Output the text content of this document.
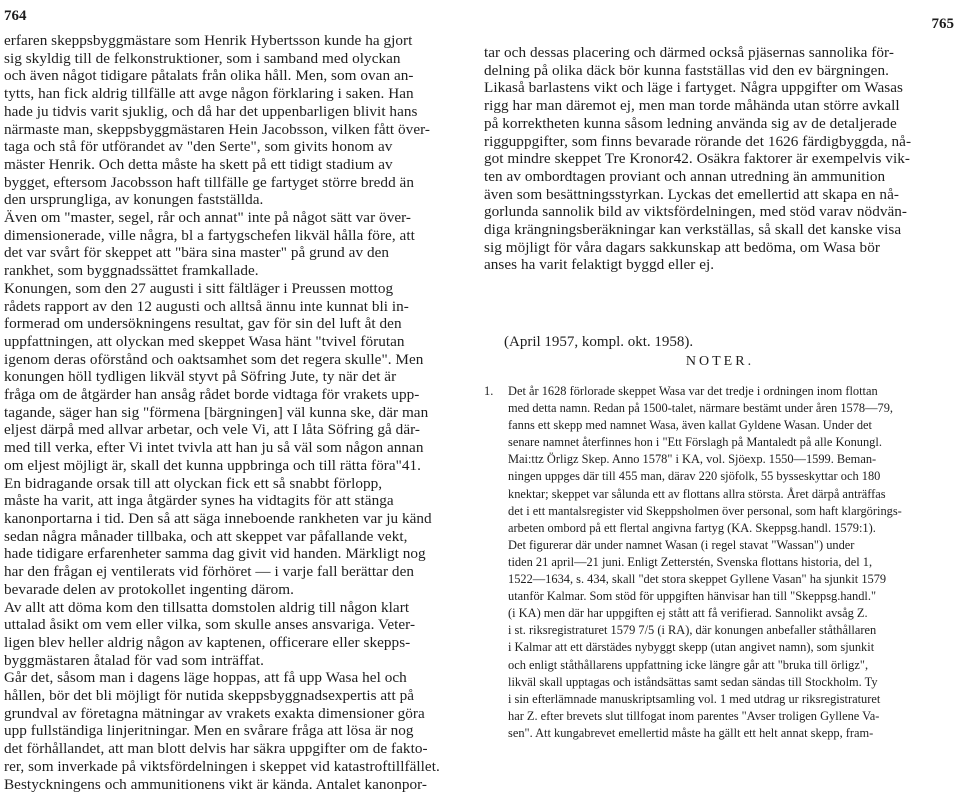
764
erfaren skeppsbyggmästare som Henrik Hybertsson kunde ha gjort
sig skyldig till de felkonstruktioner, som i samband med olyckan
och även något tidigare påtalats från olika håll. Men, som ovan an-
tytts, han fick aldrig tillfälle att avge någon förklaring i saken. Han
hade ju tidvis varit sjuklig, och då har det uppenbarligen blivit hans
närmaste man, skeppsbyggmästaren Hein Jacobsson, vilken fått över-
taga och stå för utförandet av "den Serte", som givits honom av
mäster Henrik. Och detta måste ha skett på ett tidigt stadium av
bygget, eftersom Jacobsson haft tillfälle ge fartyget större bredd än
den ursprungliga, av konungen fastställda.
Även om "master, segel, rår och annat" inte på något sätt var över-
dimensionerade, ville några, bl a fartygschefen likväl hålla före, att
det var svårt för skeppet att "bära sina master" på grund av den
rankhet, som byggnadssättet framkallade.
Konungen, som den 27 augusti i sitt fältläger i Preussen mottog
rådets rapport av den 12 augusti och alltså ännu inte kunnat bli in-
formerad om undersökningens resultat, gav för sin del luft åt den
uppfattningen, att olyckan med skeppet Wasa hänt "tvivel förutan
igenom deras oförstånd och oaktsamhet som det regera skulle". Men
konungen höll tydligen likväl styvt på Söfring Jute, ty när det är
fråga om de åtgärder han ansåg rådet borde vidtaga för vrakets upp-
tagande, säger han sig "förmena [bärgningen] väl kunna ske, där man
eljest därpå med allvar arbetar, och vele Vi, att I låta Söfring gå där-
med till verka, efter Vi intet tvivla att han ju så väl som någon annan
om eljest möjligt är, skall det kunna uppbringa och till rätta föra"41.
En bidragande orsak till att olyckan fick ett så snabbt förlopp,
måste ha varit, att inga åtgärder synes ha vidtagits för att stänga
kanonportarna i tid. Den så att säga inneboende rankheten var ju känd
sedan några månader tillbaka, och att skeppet var påfallande vekt,
hade tidigare erfarenheter samma dag givit vid handen. Märkligt nog
har den frågan ej ventilerats vid förhöret — i varje fall berättar den
bevarade delen av protokollet ingenting därom.
Av allt att döma kom den tillsatta domstolen aldrig till någon klart
uttalad åsikt om vem eller vilka, som skulle anses ansvariga. Veter-
ligen blev heller aldrig någon av kaptenen, officerare eller skepps-
byggmästaren åtalad för vad som inträffat.
Går det, såsom man i dagens läge hoppas, att få upp Wasa hel och
hållen, bör det bli möjligt för nutida skeppsbyggnadsexpertis att på
grundval av företagna mätningar av vrakets exakta dimensioner göra
upp fullständiga linjeritningar. Men en svårare fråga att lösa är nog
det förhållandet, att man blott delvis har säkra uppgifter om de fakto-
rer, som inverkade på viktsfördelningen i skeppet vid katastroftillfället.
Bestyckningens och ammunitionens vikt är kända. Antalet kanonpor-
765
tar och dessas placering och därmed också pjäsernas sannolika för-
delning på olika däck bör kunna fastställas vid den ev bärgningen.
Likaså barlastens vikt och läge i fartyget. Några uppgifter om Wasas
rigg har man däremot ej, men man torde måhända utan större avkall
på korrektheten kunna såsom ledning använda sig av de detaljerade
rigguppgifter, som finns bevarade rörande det 1626 färdigbyggda, nå-
got mindre skeppet Tre Kronor42. Osäkra faktorer är exempelvis vik-
ten av ombordtagen proviant och annan utredning än ammunition
även som besättningsstyrkan. Lyckas det emellertid att skapa en nå-
gorlunda sannolik bild av viktsfördelningen, med stöd varav nödvän-
diga krängningsberäkningar kan verkställas, så skall det kanske visa
sig möjligt för våra dagars sakkunskap att bedöma, om Wasa bör
anses ha varit felaktigt byggd eller ej.
(April 1957, kompl. okt. 1958).
NOTER.
1. Det år 1628 förlorade skeppet Wasa var det tredje i ordningen inom flottan
med detta namn. Redan på 1500-talet, närmare bestämt under åren 1578—79,
fanns ett skepp med namnet Wasa, även kallat Gyldene Wasan. Under det
senare namnet återfinnes hon i "Ett Förslagh på Mantaledt på alle Konungl.
Mai:ttz Örligz Skep. Anno 1578" i KA, vol. Sjöexp. 1550—1599. Beman-
ningen uppges där till 455 man, därav 220 sjöfolk, 55 bysseskyttar och 180
knektar; skeppet var sålunda ett av flottans allra största. Året därpå anträffas
det i ett mantalsregister vid Skeppsholmen över personal, som haft klargörings-
arbeten ombord på ett flertal angivna fartyg (KA. Skeppsg.handl. 1579:1).
Det figurerar där under namnet Wasan (i regel stavat "Wassan") under
tiden 21 april—21 juni. Enligt Zetterstén, Svenska flottans historia, del 1,
1522—1634, s. 434, skall "det stora skeppet Gyllene Vasan" ha sjunkit 1579
utanför Kalmar. Som stöd för uppgiften hänvisar han till "Skeppsg.handl."
(i KA) men där har uppgiften ej stått att få verifierad. Sannolikt avsåg Z.
i st. riksregistraturet 1579 7/5 (i RA), där konungen anbefaller ståthållaren
i Kalmar att ett därstädes nybyggt skepp (utan angivet namn), som sjunkit
och enligt ståthållarens uppfattning icke längre går att "bruka till örligz",
likväl skall upptagas och iståndsättas samt sedan sändas till Stockholm. Ty
i sin efterlämnade manuskriptsamling vol. 1 med utdrag ur riksregistraturet
har Z. efter brevets slut tillfogat inom parentes "Avser troligen Gyllene Va-
sen". Att kungabrevet emellertid måste ha gällt ett helt annat skepp, fram-
